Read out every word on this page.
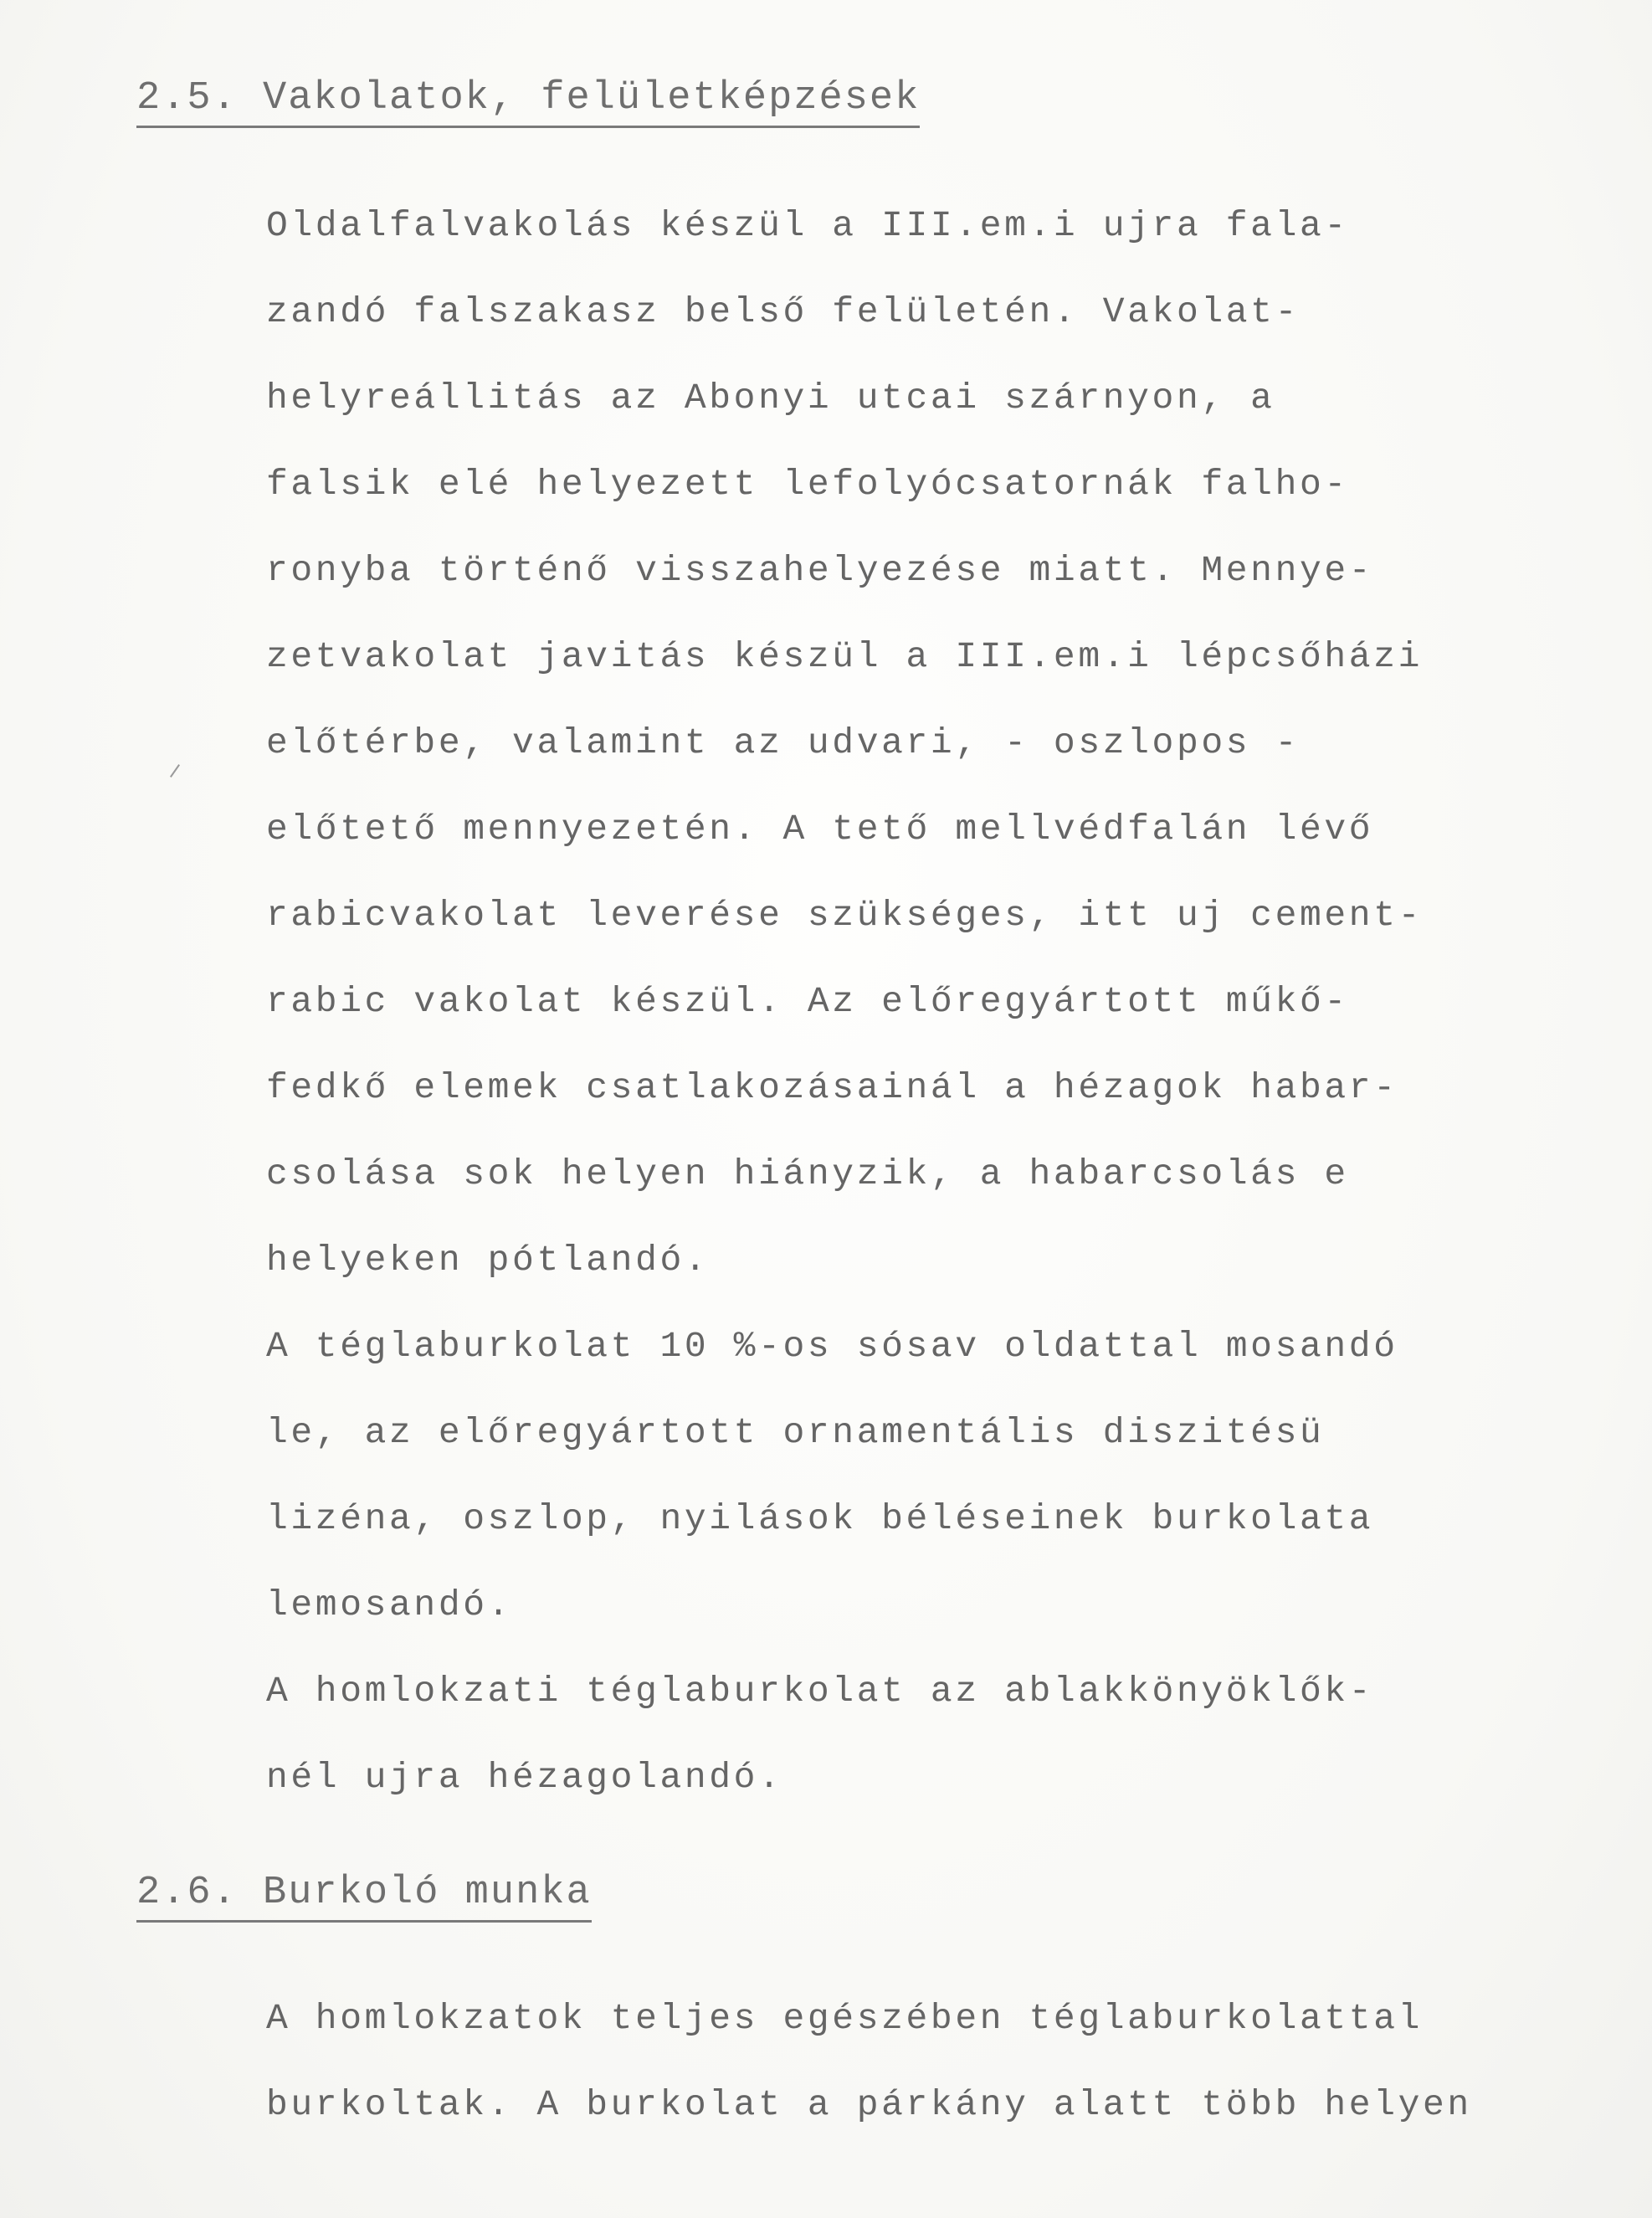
2.5. Vakolatok, felületképzések
Oldalfalvakolás készül a III.em.i ujra fala-
zandó falszakasz belső felületén. Vakolat-
helyreállitás az Abonyi utcai szárnyon, a
falsik elé helyezett lefolyócsatornák falho-
ronyba történő visszahelyezése miatt. Mennye-
zetvakolat javitás készül a III.em.i lépcsőházi
előtérbe, valamint az udvari, - oszlopos -
előtető mennyezetén. A tető mellvédfalán lévő
rabicvakolat leverése szükséges, itt uj cement-
rabic vakolat készül. Az előregyártott műkő-
fedkő elemek csatlakozásainál a hézagok habar-
csolása sok helyen hiányzik, a habarcsolás e
helyeken pótlandó.
A téglaburkolat 10 %-os sósav oldattal mosandó
le, az előregyártott ornamentális diszitésü
lizéna, oszlop, nyilások béléseinek burkolata
lemosandó.
A homlokzati téglaburkolat az ablakkönyöklők-
nél ujra hézagolandó.
2.6. Burkoló munka
A homlokzatok teljes egészében téglaburkolattal
burkoltak. A burkolat a párkány alatt több helyen
